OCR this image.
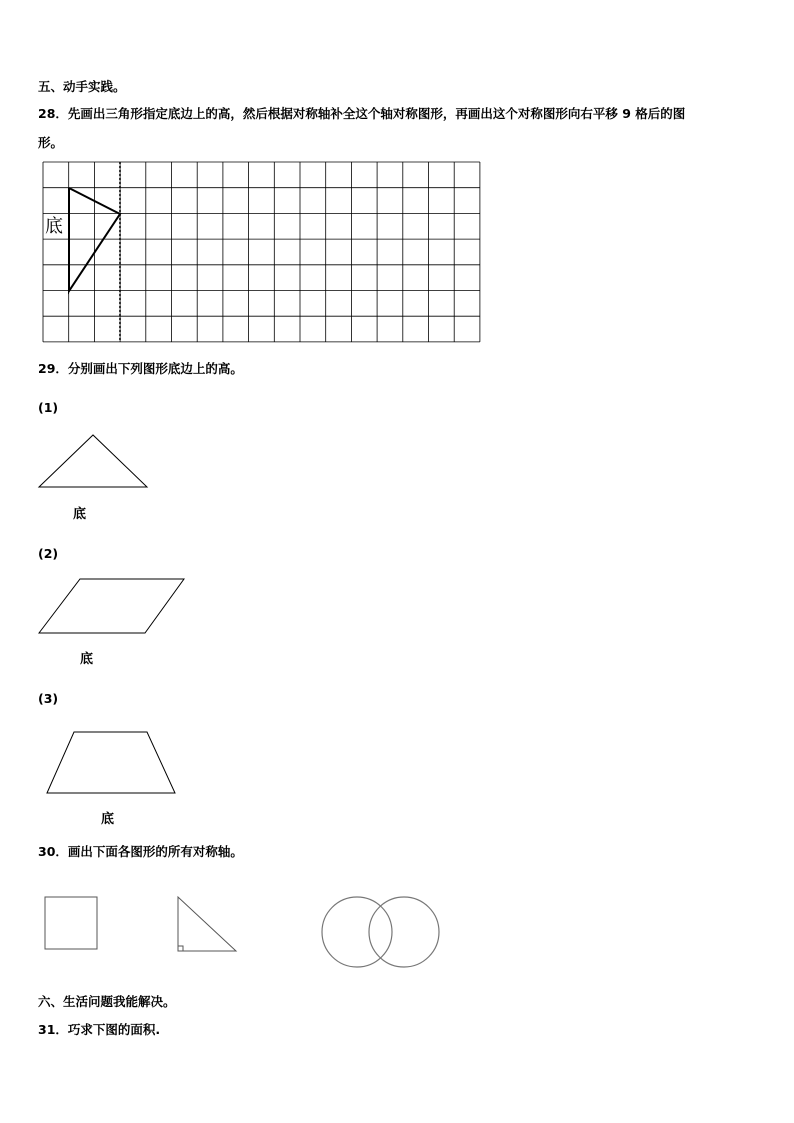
五、动手实践。
28．先画出三角形指定底边上的高，然后根据对称轴补全这个轴对称图形，再画出这个对称图形向右平移 9 格后的图
形。
底
29．分别画出下列图形底边上的高。
(1)
底
(2)
底
(3)
底
30．画出下面各图形的所有对称轴。
六、生活问题我能解决。
31．巧求下图的面积.
